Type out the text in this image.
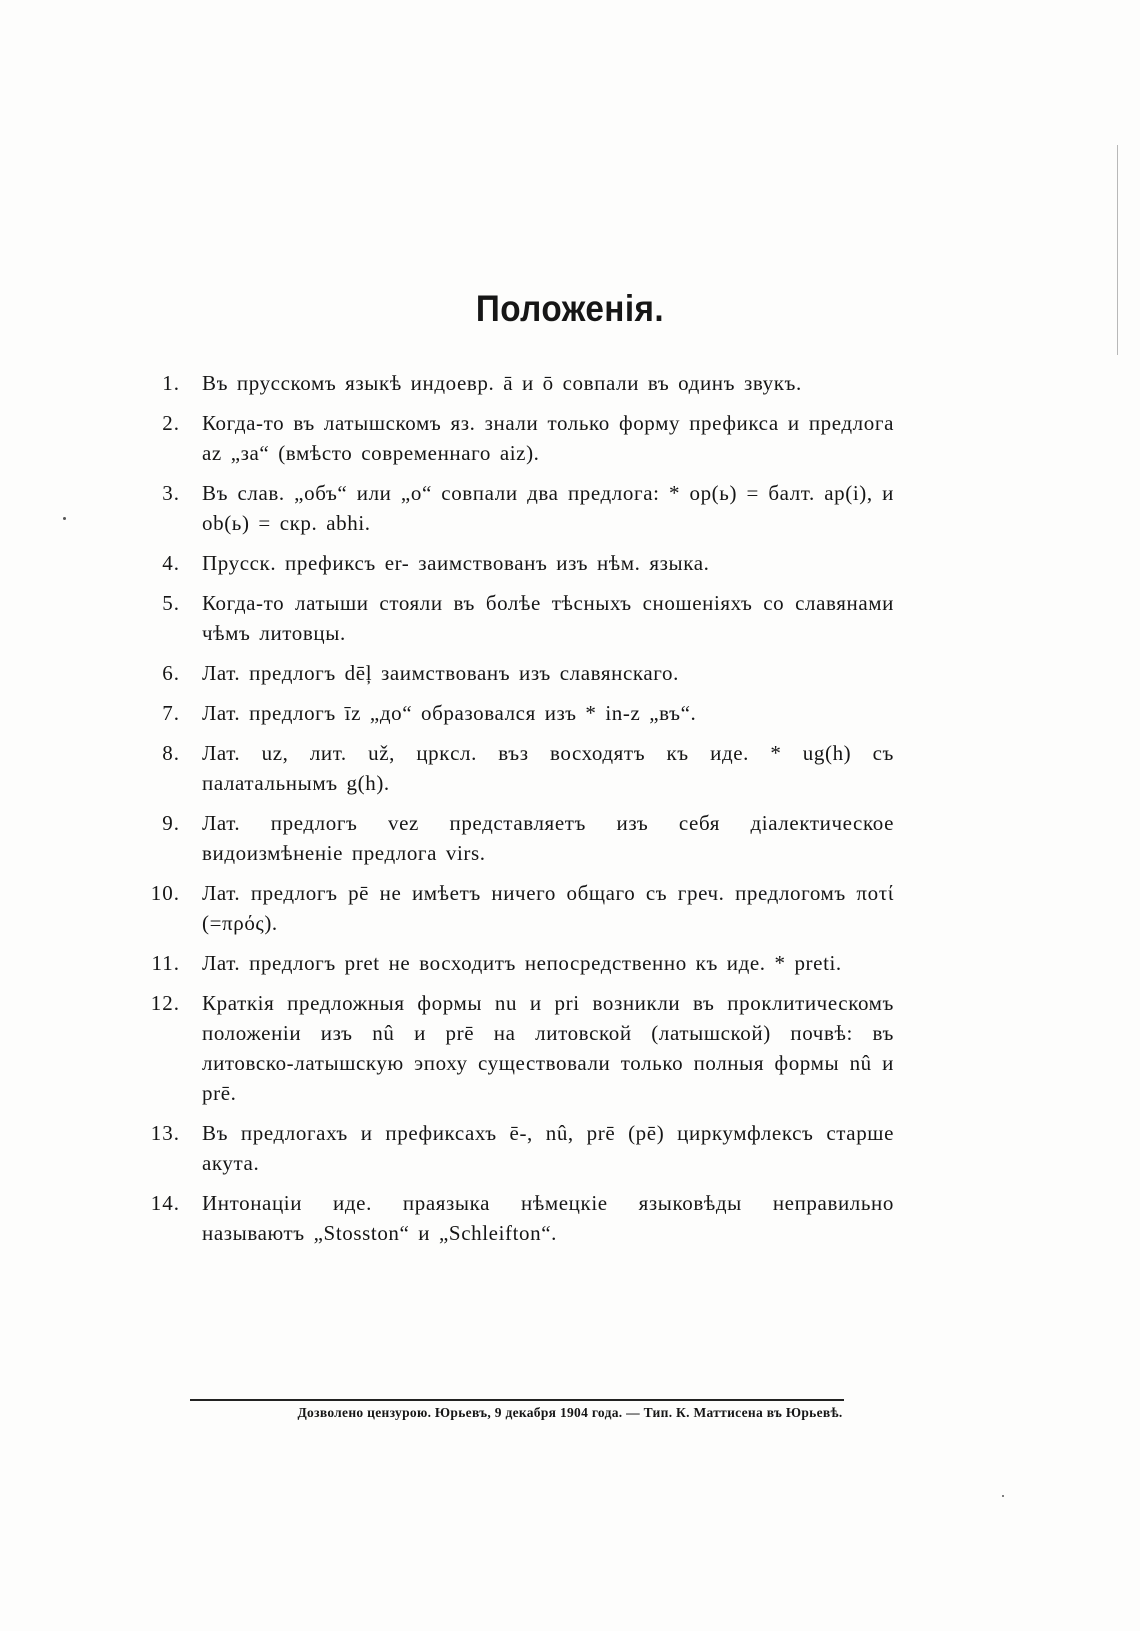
Положенія.
1.	Въ прусскомъ языкѣ индоевр. ā и ō совпали въ одинъ звукъ.
2.	Когда-то въ латышскомъ яз. знали только форму префикса и предлога az „за“ (вмѣсто современнаго aiz).
3.	Въ слав. „объ“ или „о“ совпали два предлога: * ор(ь) = балт. ap(i), и ob(ь) = скр. abhi.
4.	Прусск. префиксъ er- заимствованъ изъ нѣм. языка.
5.	Когда-то латыши стояли въ болѣе тѣсныхъ сношеніяхъ со славянами чѣмъ литовцы.
6.	Лат. предлогъ dēļ заимствованъ изъ славянскаго.
7.	Лат. предлогъ īz „до“ образовался изъ * in-z „въ“.
8.	Лат. uz, лит. už, цркcл. въз восходятъ къ иде. * ug(h) съ палатальнымъ g(h).
9.	Лат. предлогъ vez представляетъ изъ себя діалектическое видоизмѣненіе предлога virs.
10.	Лат. предлогъ pē не имѣетъ ничего общаго съ греч. предлогомъ ποτί (=πρός).
11.	Лат. предлогъ pret не восходитъ непосредственно къ иде. * preti.
12.	Краткія предложныя формы nu и pri возникли въ проклитическомъ положеніи изъ nû и prē на литовской (латышской) почвѣ: въ литовско-латышскую эпоху существовали только полныя формы nû и prē.
13.	Въ предлогахъ и префиксахъ ē-, nû, prē (pē) циркумфлексъ старше акута.
14.	Интонаціи иде. праязыка нѣмецкіе языковѣды неправильно называютъ „Stosston“ и „Schleifton“.

Дозволено цензурою. Юрьевъ, 9 декабря 1904 года. — Тип. К. Маттисена въ Юрьевѣ.
